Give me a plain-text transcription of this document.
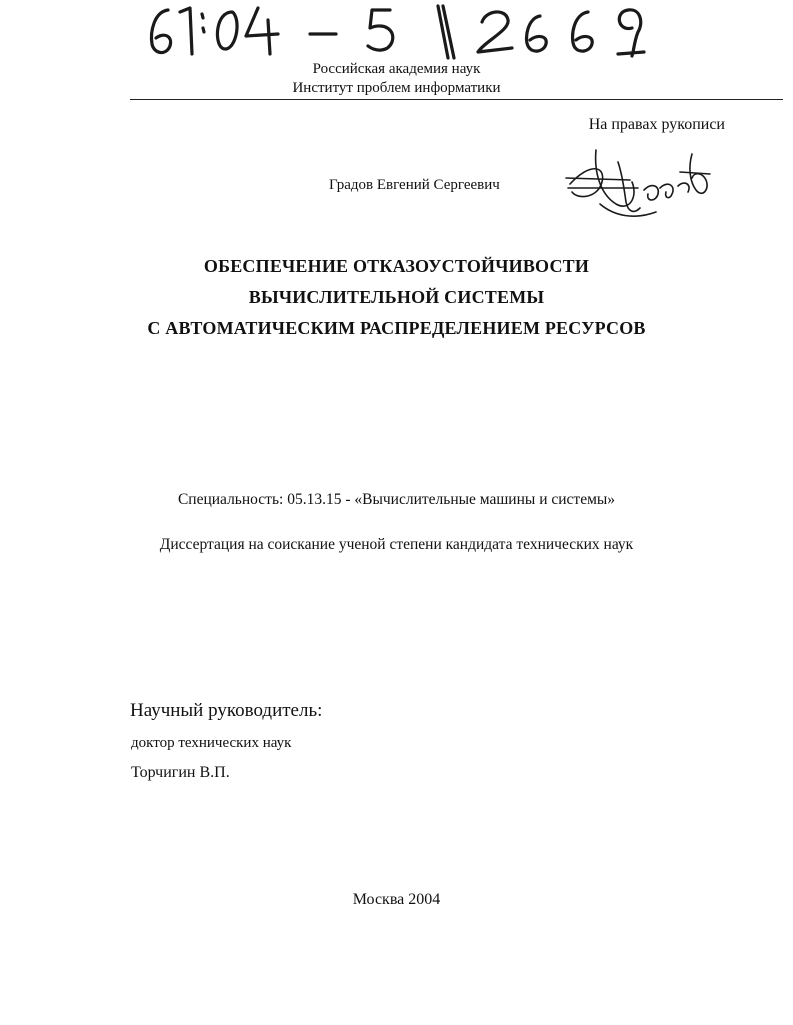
Российская академия наук
Институт проблем информатики
На правах рукописи
Градов Евгений Сергеевич
ОБЕСПЕЧЕНИЕ ОТКАЗОУСТОЙЧИВОСТИ
ВЫЧИСЛИТЕЛЬНОЙ СИСТЕМЫ
С АВТОМАТИЧЕСКИМ РАСПРЕДЕЛЕНИЕМ РЕСУРСОВ
Специальность: 05.13.15 - «Вычислительные машины и системы»
Диссертация на соискание ученой степени кандидата технических наук
Научный руководитель:
доктор технических наук
Торчигин В.П.
Москва 2004
